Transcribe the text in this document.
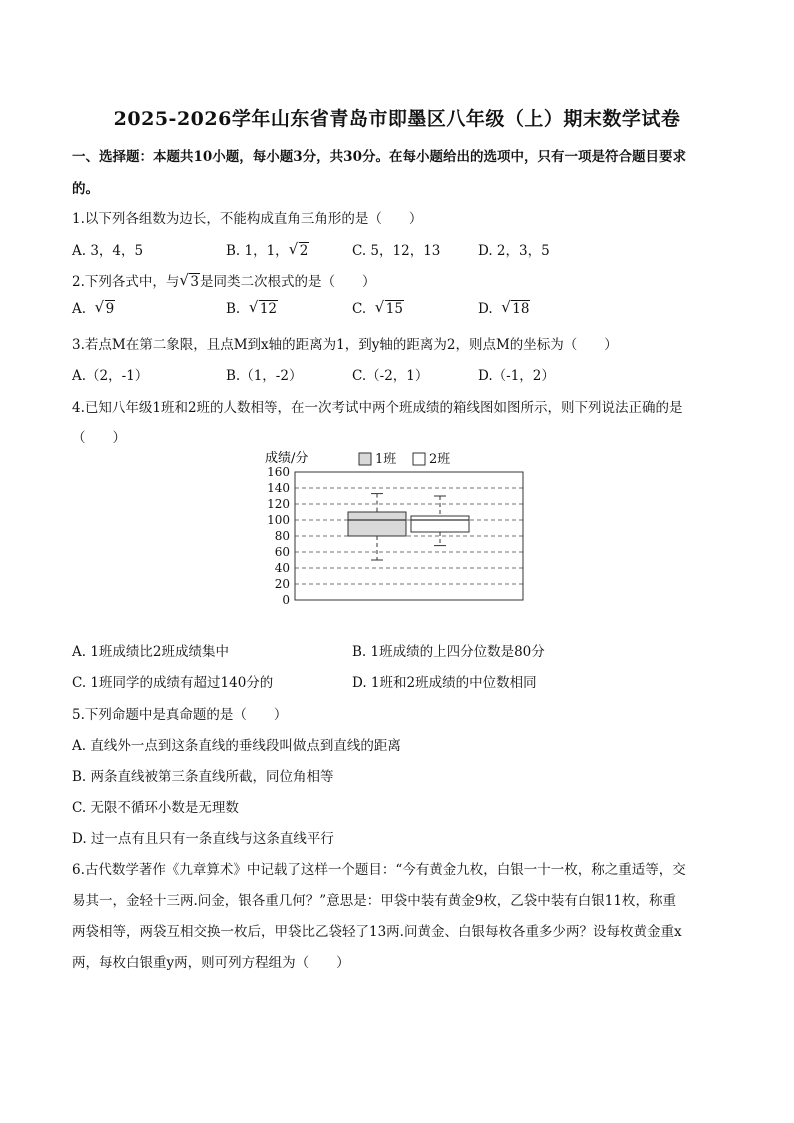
2025-2026学年山东省青岛市即墨区八年级（上）期末数学试卷
一、选择题：本题共10小题，每小题3分，共30分。在每小题给出的选项中，只有一项是符合题目要求
的。
1.以下列各组数为边长，不能构成直角三角形的是（　　）
A. 3，4，5	B. 1，1， √ 2	C. 5，12，13	D. 2，3，5
2.下列各式中，与 √ 3是同类二次根式的是（　　）
A. √ 9	B. √ 12	C. √ 15	D. √ 18
3.若点M在第二象限，且点M到x轴的距离为1，到y轴的距离为2，则点M的坐标为（　　）
A.（2，-1）	B.（1，-2）	C.（-2，1）	D.（-1，2）
4.已知八年级1班和2班的人数相等，在一次考试中两个班成绩的箱线图如图所示，则下列说法正确的是
（　　）
成绩/分	1班	2班
0
20
40
60
80
100
120
140
160
A. 1班成绩比2班成绩集中	B. 1班成绩的上四分位数是80分
C. 1班同学的成绩有超过140分的	D. 1班和2班成绩的中位数相同
5.下列命题中是真命题的是（　　）
A. 直线外一点到这条直线的垂线段叫做点到直线的距离
B. 两条直线被第三条直线所截，同位角相等
C. 无限不循环小数是无理数
D. 过一点有且只有一条直线与这条直线平行
6.古代数学著作《九章算术》中记载了这样一个题目：“今有黄金九枚，白银一十一枚，称之重适等，交
易其一，金轻十三两.问金，银各重几何？”意思是：甲袋中装有黄金9枚，乙袋中装有白银11枚，称重
两袋相等，两袋互相交换一枚后，甲袋比乙袋轻了13两.问黄金、白银每枚各重多少两？设每枚黄金重x
两，每枚白银重y两，则可列方程组为（　　）
